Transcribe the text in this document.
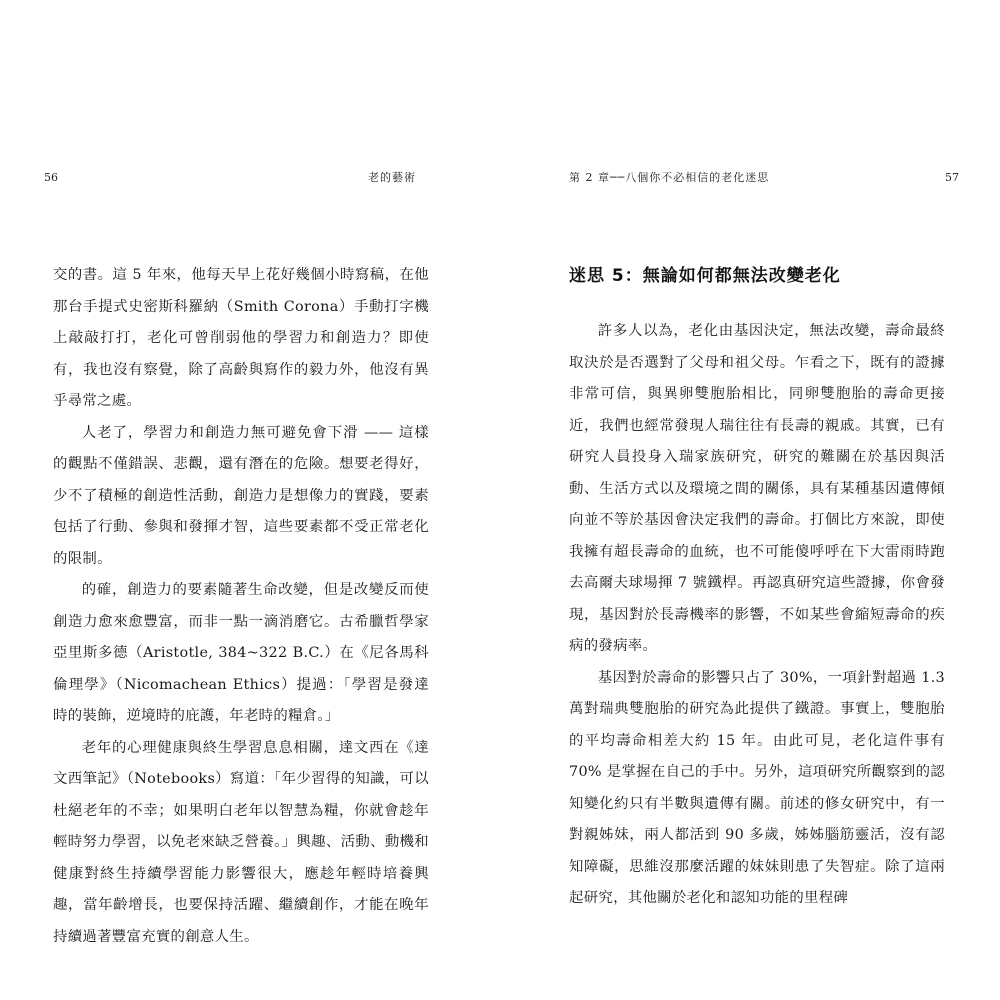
56	老的藝術

交的書。這 5 年來，他每天早上花好幾個小時寫稿，在他那台手提式史密斯科羅納（Smith Corona）手動打字機上敲敲打打，老化可曾削弱他的學習力和創造力？即使有，我也沒有察覺，除了高齡與寫作的毅力外，他沒有異乎尋常之處。

人老了，學習力和創造力無可避免會下滑 —— 這樣的觀點不僅錯誤、悲觀，還有潛在的危險。想要老得好，少不了積極的創造性活動，創造力是想像力的實踐，要素包括了行動、參與和發揮才智，這些要素都不受正常老化的限制。

的確，創造力的要素隨著生命改變，但是改變反而使創造力愈來愈豐富，而非一點一滴消磨它。古希臘哲學家亞里斯多德（Aristotle, 384~322 B.C.）在《尼各馬科倫理學》（Nicomachean Ethics）提過：「學習是發達時的裝飾，逆境時的庇護，年老時的糧倉。」

老年的心理健康與終生學習息息相關，達文西在《達文西筆記》（Notebooks）寫道：「年少習得的知識，可以杜絕老年的不幸；如果明白老年以智慧為糧，你就會趁年輕時努力學習，以免老來缺乏營養。」興趣、活動、動機和健康對終生持續學習能力影響很大，應趁年輕時培養興趣，當年齡增長，也要保持活躍、繼續創作，才能在晚年持續過著豐富充實的創意人生。

第 2 章──八個你不必相信的老化迷思	57
迷思 5：無論如何都無法改變老化

許多人以為，老化由基因決定，無法改變，壽命最終取決於是否選對了父母和祖父母。乍看之下，既有的證據非常可信，與異卵雙胞胎相比，同卵雙胞胎的壽命更接近，我們也經常發現人瑞往往有長壽的親戚。其實，已有研究人員投身入瑞家族研究，研究的難關在於基因與活動、生活方式以及環境之間的關係，具有某種基因遺傳傾向並不等於基因會決定我們的壽命。打個比方來說，即使我擁有超長壽命的血統，也不可能傻呼呼在下大雷雨時跑去高爾夫球場揮 7 號鐵桿。再認真研究這些證據，你會發現，基因對於長壽機率的影響，不如某些會縮短壽命的疾病的發病率。

基因對於壽命的影響只占了 30%，一項針對超過 1.3 萬對瑞典雙胞胎的研究為此提供了鐵證。事實上，雙胞胎的平均壽命相差大約 15 年。由此可見，老化這件事有 70% 是掌握在自己的手中。另外，這項研究所觀察到的認知變化約只有半數與遺傳有關。前述的修女研究中，有一對親姊妹，兩人都活到 90 多歲，姊姊腦筋靈活，沒有認知障礙，思維沒那麼活躍的妹妹則患了失智症。除了這兩起研究，其他關於老化和認知功能的里程碑
